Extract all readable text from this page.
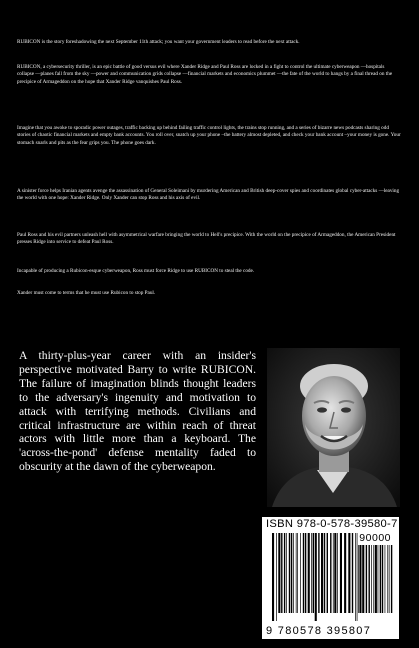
RUBICON is the story foreshadowing the next September 11th attack; you want your government leaders to read before the next attack.
RUBICON, a cybersecurity thriller, is an epic battle of good versus evil where Xander Ridge and Paul Ross are locked in a fight to control the ultimate cyberweapon —hospitals collapse —planes fall from the sky —power and communication grids collapse —financial markets and economics plummet —the fate of the world to hangs by a final thread on the precipice of Armageddon on the hope that Xander Ridge vanquishes Paul Ross.
Imagine that you awoke to sporadic power outages, traffic backing up behind failing traffic control lights, the trains stop running, and a series of bizarre news podcasts sharing odd stories of chaotic financial markets and empty bank accounts. You roll over, snatch up your phone –the battery almost depleted, and check your bank account –your money is gone. Your stomach snarls and pits as the fear grips you. The phone goes dark.
A sinister force helps Iranian agents avenge the assassination of General Soleimani by murdering American and British deep-cover spies and coordinates global cyber-attacks —leaving the world with one hope: Xander Ridge. Only Xander can stop Ross and his axis of evil.
Paul Ross and his evil partners unleash hell with asymmetrical warfare bringing the world to Hell's precipice. With the world on the precipice of Armageddon, the American President presses Ridge into service to defeat Paul Ross.
Incapable of producing a Rubicon-esque cyberweapon, Ross must force Ridge to use RUBICON to steal the code.
Xander must come to terms that he must use Rubicon to stop Paul.

A thirty-plus-year career with an insider's perspective motivated Barry to write RUBICON. The failure of imagination blinds thought leaders to the adversary's ingenuity and motivation to attack with terrifying methods. Civilians and critical infrastructure are within reach of threat actors with little more than a keyboard. The 'across-the-pond' defense mentality faded to obscurity at the dawn of the cyberweapon.

ISBN 978-0-578-39580-7
90000
9 780578 395807
